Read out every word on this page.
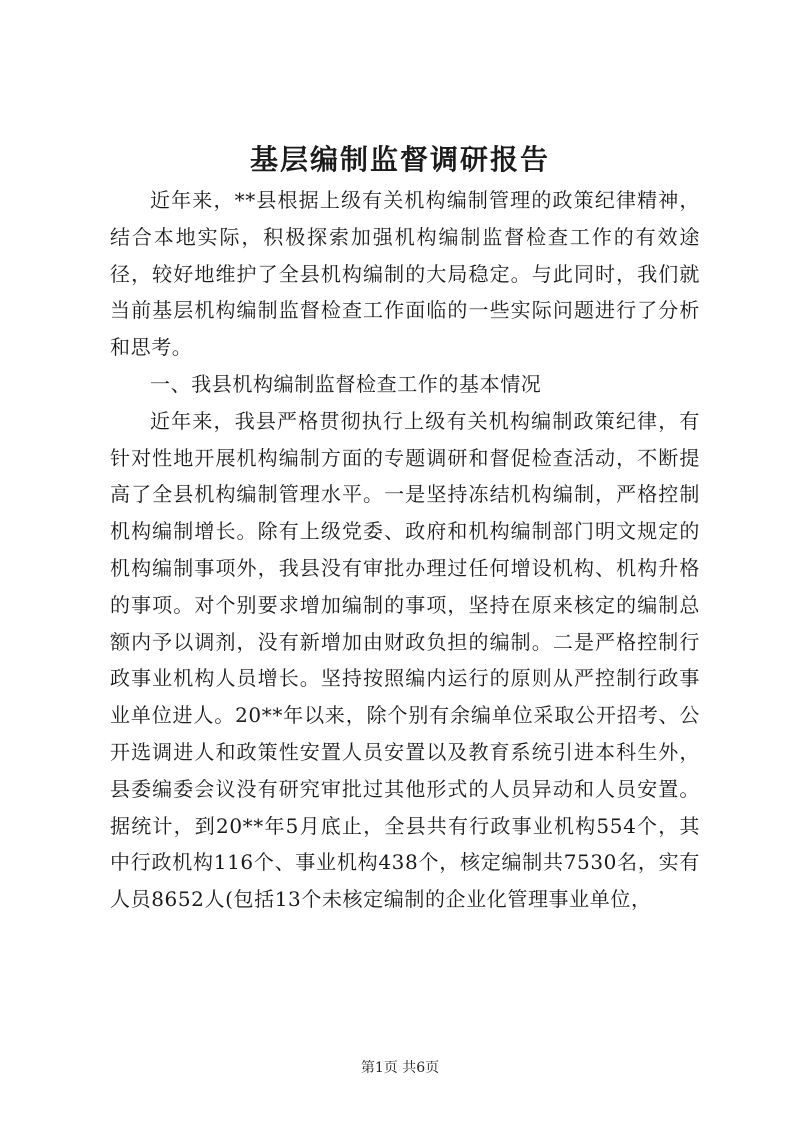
基层编制监督调研报告

近年来，**县根据上级有关机构编制管理的政策纪律精神，结合本地实际，积极探索加强机构编制监督检查工作的有效途径，较好地维护了全县机构编制的大局稳定。与此同时，我们就当前基层机构编制监督检查工作面临的一些实际问题进行了分析和思考。

一、我县机构编制监督检查工作的基本情况

近年来，我县严格贯彻执行上级有关机构编制政策纪律，有针对性地开展机构编制方面的专题调研和督促检查活动，不断提高了全县机构编制管理水平。一是坚持冻结机构编制，严格控制机构编制增长。除有上级党委、政府和机构编制部门明文规定的机构编制事项外，我县没有审批办理过任何增设机构、机构升格的事项。对个别要求增加编制的事项，坚持在原来核定的编制总额内予以调剂，没有新增加由财政负担的编制。二是严格控制行政事业机构人员增长。坚持按照编内运行的原则从严控制行政事业单位进人。20**年以来，除个别有余编单位采取公开招考、公开选调进人和政策性安置人员安置以及教育系统引进本科生外，县委编委会议没有研究审批过其他形式的人员异动和人员安置。据统计，到20**年5月底止，全县共有行政事业机构554个，其中行政机构116个、事业机构438个，核定编制共7530名，实有人员8652人(包括13个未核定编制的企业化管理事业单位，

第1页 共6页
